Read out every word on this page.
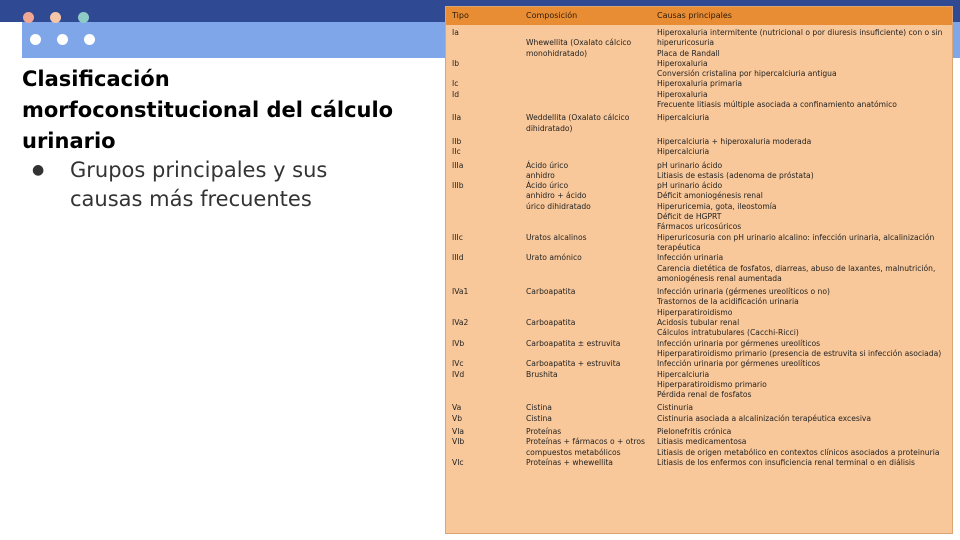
Clasificación morfoconstitucional del cálculo urinario
● Grupos principales y sus causas más frecuentes
Tipo	Composición	Causas principales
Ia		Hiperoxaluria intermitente (nutricional o por diuresis insuficiente) con o sin
	Whewellita (Oxalato cálcico	hiperuricosuria
	monohidratado)	Placa de Randall
Ib		Hiperoxaluria
		Conversión cristalina por hipercalciuria antigua
Ic		Hiperoxaluria primaria
Id		Hiperoxaluria
		Frecuente litiasis múltiple asociada a confinamiento anatómico
IIa	Weddellita (Oxalato cálcico	Hipercalciuria
	dihidratado)	
IIb		Hipercalciuria + hiperoxaluria moderada
IIc		Hipercalciuria
IIIa	Ácido úrico	pH urinario ácido
	anhidro	Litiasis de estasis (adenoma de próstata)
IIIb	Ácido úrico	pH urinario ácido
	anhidro + ácido	Déficit amoniogénesis renal
	úrico dihidratado	Hiperuricemia, gota, ileostomía
		Déficit de HGPRT
		Fármacos uricosúricos
IIIc	Uratos alcalinos	Hiperuricosuria con pH urinario alcalino: infección urinaria, alcalinización
		terapéutica
IIId	Urato amónico	Infección urinaria
		Carencia dietética de fosfatos, diarreas, abuso de laxantes, malnutrición,
		amoniogénesis renal aumentada
IVa1	Carboapatita	Infección urinaria (gérmenes ureolíticos o no)
		Trastornos de la acidificación urinaria
		Hiperparatiroidismo
IVa2	Carboapatita	Acidosis tubular renal
		Cálculos intratubulares (Cacchi-Ricci)
IVb	Carboapatita ± estruvita	Infección urinaria por gérmenes ureolíticos
		Hiperparatiroidismo primario (presencia de estruvita si infección asociada)
IVc	Carboapatita + estruvita	Infección urinaria por gérmenes ureolíticos
IVd	Brushita	Hipercalciuria
		Hiperparatiroidismo primario
		Pérdida renal de fosfatos
Va	Cistina	Cistinuria
Vb	Cistina	Cistinuria asociada a alcalinización terapéutica excesiva
VIa	Proteínas	Pielonefritis crónica
VIb	Proteínas + fármacos o + otros	Litiasis medicamentosa
	compuestos metabólicos	Litiasis de origen metabólico en contextos clínicos asociados a proteinuria
VIc	Proteínas + whewellita	Litiasis de los enfermos con insuficiencia renal terminal o en diálisis
